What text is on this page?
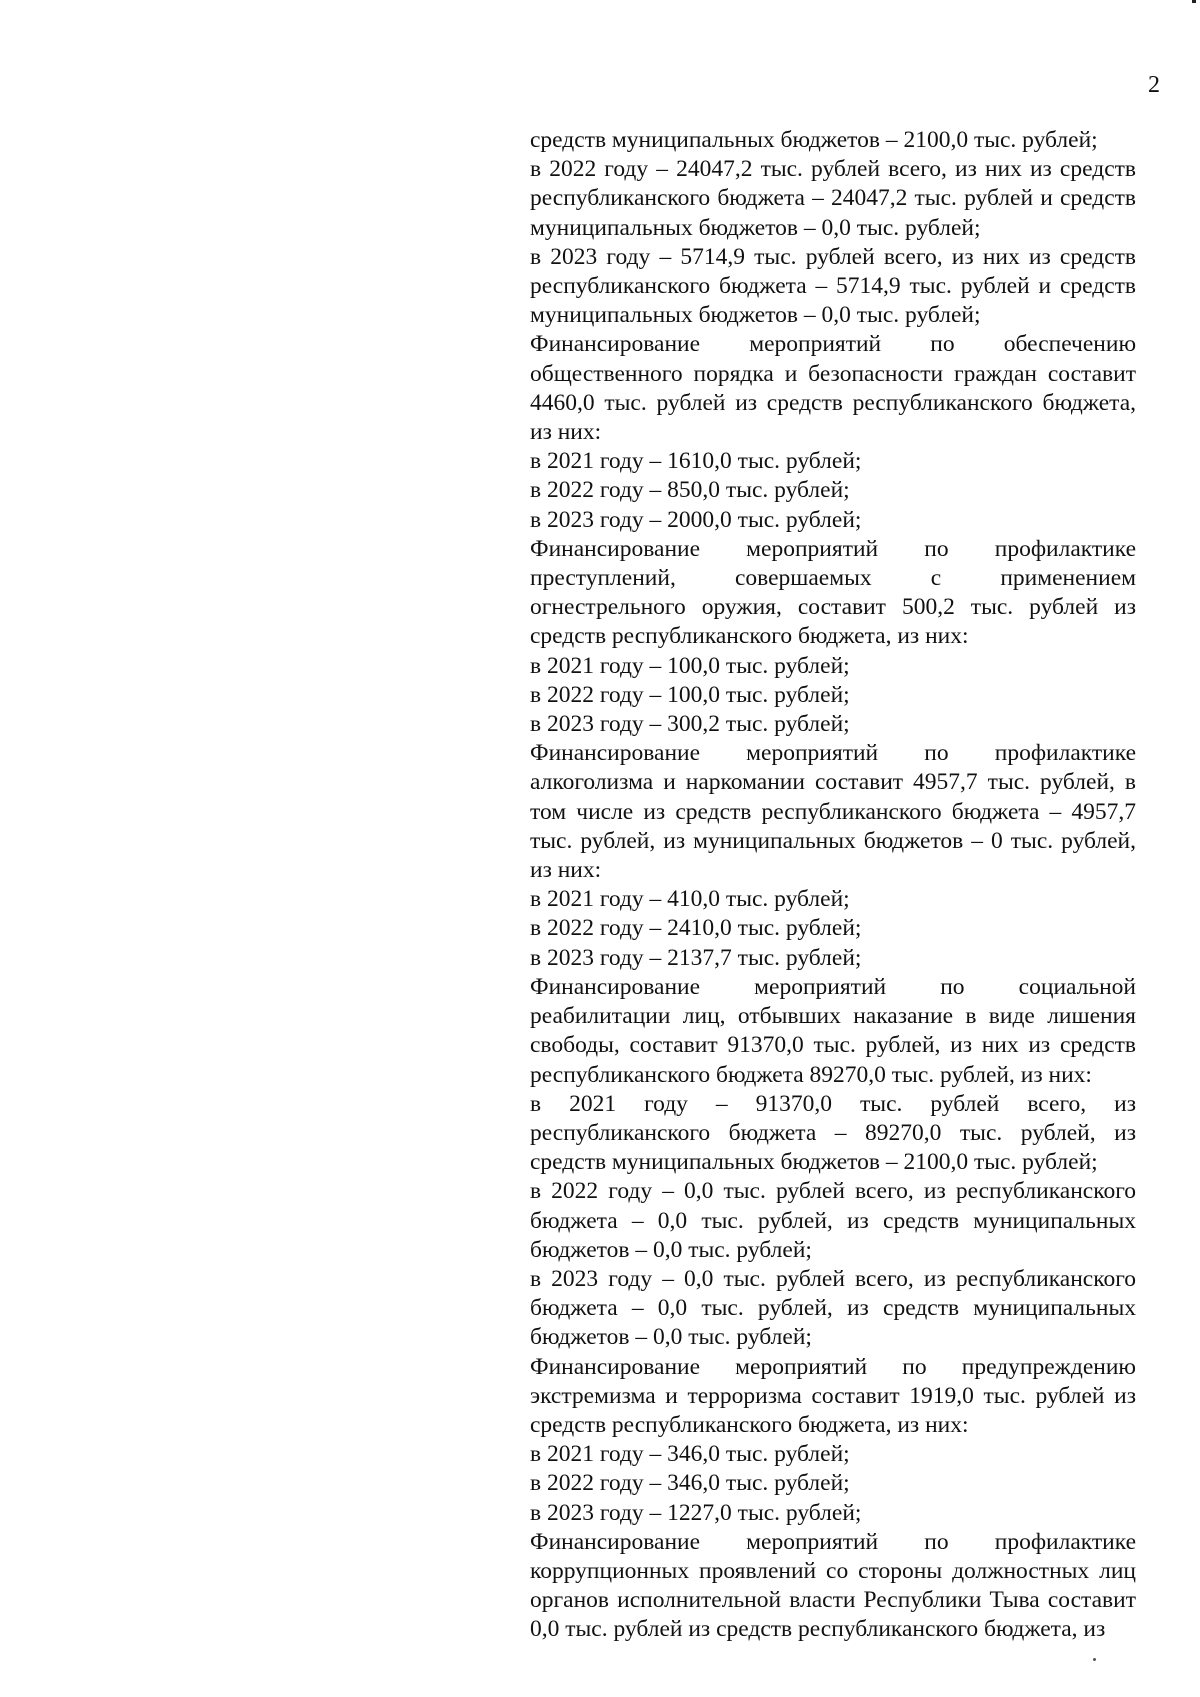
2

средств муниципальных бюджетов – 2100,0 тыс. рублей;

в 2022 году – 24047,2 тыс. рублей всего, из них из средств республиканского бюджета – 24047,2 тыс. рублей и средств муниципальных бюджетов – 0,0 тыс. рублей;

в 2023 году – 5714,9 тыс. рублей всего, из них из средств республиканского бюджета – 5714,9 тыс. рублей и средств муниципальных бюджетов – 0,0 тыс. рублей;

Финансирование мероприятий по обеспечению общественного порядка и безопасности граждан составит 4460,0 тыс. рублей из средств республиканского бюджета, из них:

в 2021 году – 1610,0 тыс. рублей;

в 2022 году – 850,0 тыс. рублей;

в 2023 году – 2000,0 тыс. рублей;

Финансирование мероприятий по профилактике преступлений, совершаемых с применением огнестрельного оружия, составит 500,2 тыс. рублей из средств республиканского бюджета, из них:

в 2021 году – 100,0 тыс. рублей;

в 2022 году – 100,0 тыс. рублей;

в 2023 году – 300,2 тыс. рублей;

Финансирование мероприятий по профилактике алкоголизма и наркомании составит 4957,7 тыс. рублей, в том числе из средств республиканского бюджета – 4957,7 тыс. рублей, из муниципальных бюджетов – 0 тыс. рублей, из них:

в 2021 году – 410,0 тыс. рублей;

в 2022 году – 2410,0 тыс. рублей;

в 2023 году – 2137,7 тыс. рублей;

Финансирование мероприятий по социальной реабилитации лиц, отбывших наказание в виде лишения свободы, составит 91370,0 тыс. рублей, из них из средств республиканского бюджета 89270,0 тыс. рублей, из них:

в 2021 году – 91370,0 тыс. рублей всего, из республиканского бюджета – 89270,0 тыс. рублей, из средств муниципальных бюджетов – 2100,0 тыс. рублей;

в 2022 году – 0,0 тыс. рублей всего, из республиканского бюджета – 0,0 тыс. рублей, из средств муниципальных бюджетов – 0,0 тыс. рублей;

в 2023 году – 0,0 тыс. рублей всего, из республиканского бюджета – 0,0 тыс. рублей, из средств муниципальных бюджетов – 0,0 тыс. рублей;

Финансирование мероприятий по предупреждению экстремизма и терроризма составит 1919,0 тыс. рублей из средств республиканского бюджета, из них:

в 2021 году – 346,0 тыс. рублей;

в 2022 году – 346,0 тыс. рублей;

в 2023 году – 1227,0 тыс. рублей;

Финансирование мероприятий по профилактике коррупционных проявлений со стороны должностных лиц органов исполнительной власти Республики Тыва составит 0,0 тыс. рублей из средств республиканского бюджета, из
